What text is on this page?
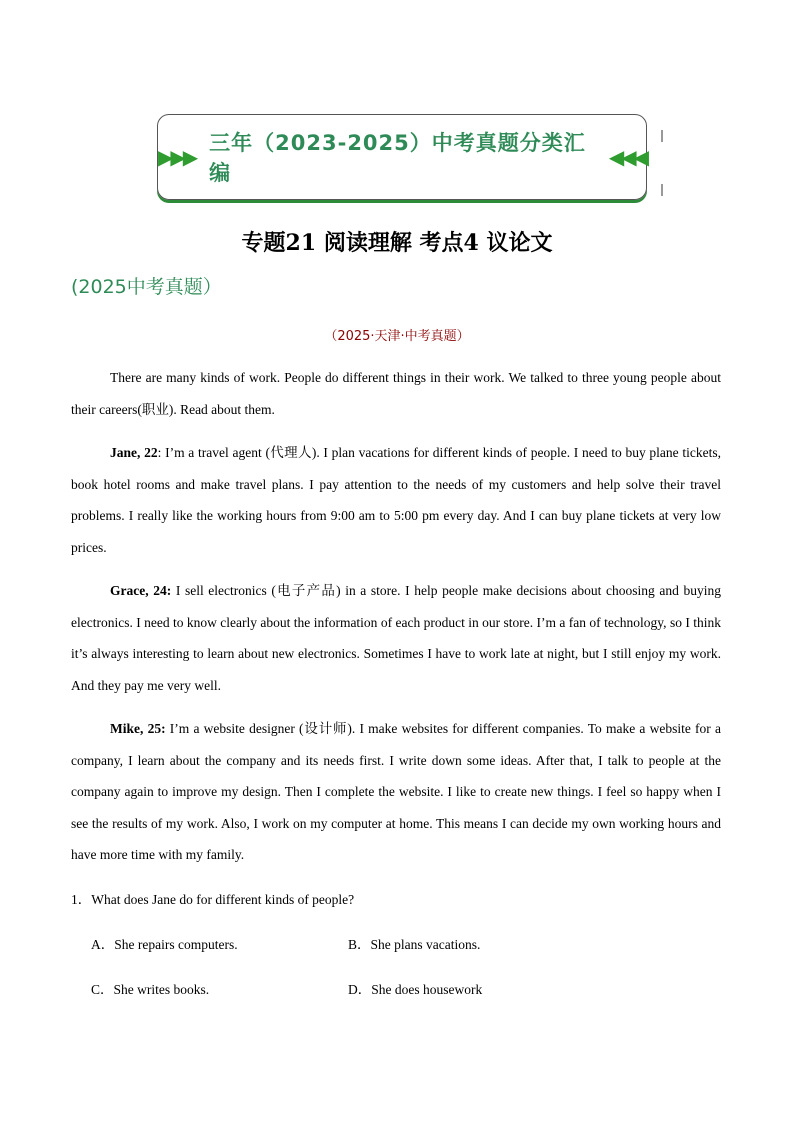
▶▶▶
三年（2023-2025）中考真题分类汇编
◀◀◀
专题21 阅读理解 考点4 议论文
(2025中考真题）
（2025·天津·中考真题）
There are many kinds of work. People do different things in their work. We talked to three young people about their careers(职业). Read about them.
Jane, 22: I’m a travel agent (代理人). I plan vacations for different kinds of people. I need to buy plane tickets, book hotel rooms and make travel plans. I pay attention to the needs of my customers and help solve their travel problems. I really like the working hours from 9:00 am to 5:00 pm every day. And I can buy plane tickets at very low prices.
Grace, 24: I sell electronics (电子产品) in a store. I help people make decisions about choosing and buying electronics. I need to know clearly about the information of each product in our store. I’m a fan of technology, so I think it’s always interesting to learn about new electronics. Sometimes I have to work late at night, but I still enjoy my work. And they pay me very well.
Mike, 25: I’m a website designer (设计师). I make websites for different companies. To make a website for a company, I learn about the company and its needs first. I write down some ideas. After that, I talk to people at the company again to improve my design. Then I complete the website. I like to create new things. I feel so happy when I see the results of my work. Also, I work on my computer at home. This means I can decide my own working hours and have more time with my family.
1．What does Jane do for different kinds of people?
A．She repairs computers.	B．She plans vacations.
C．She writes books.	D．She does housework
